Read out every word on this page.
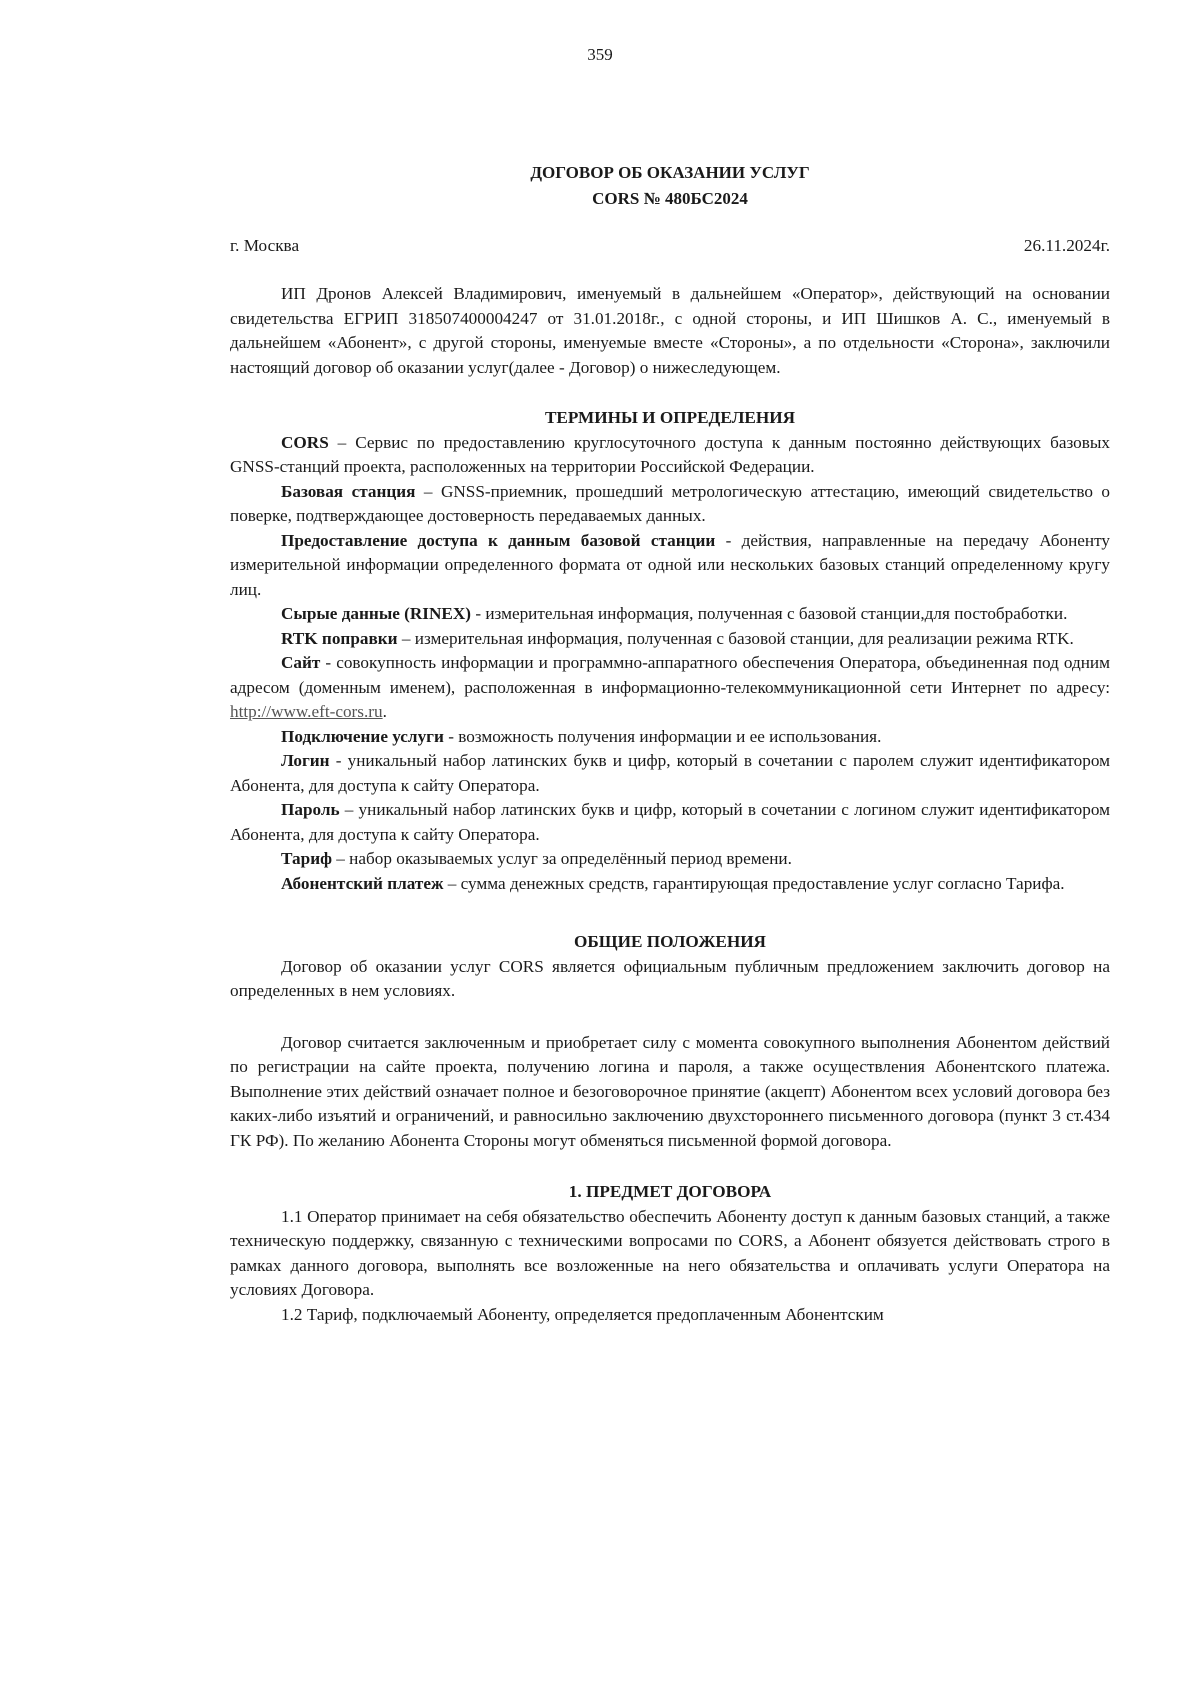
359
ДОГОВОР ОБ ОКАЗАНИИ УСЛУГ
CORS № 480БС2024
г. Москва	26.11.2024г.

ИП Дронов Алексей Владимирович, именуемый в дальнейшем «Оператор», действующий на основании свидетельства ЕГРИП 318507400004247 от 31.01.2018г., с одной стороны, и ИП Шишков А. С., именуемый в дальнейшем «Абонент», с другой стороны, именуемые вместе «Стороны», а по отдельности «Сторона», заключили настоящий договор об оказании услуг(далее - Договор) о нижеследующем.

ТЕРМИНЫ И ОПРЕДЕЛЕНИЯ

CORS – Сервис по предоставлению круглосуточного доступа к данным постоянно действующих базовых GNSS-станций проекта, расположенных на территории Российской Федерации.

Базовая станция – GNSS-приемник, прошедший метрологическую аттестацию, имеющий свидетельство о поверке, подтверждающее достоверность передаваемых данных.

Предоставление доступа к данным базовой станции - действия, направленные на передачу Абоненту измерительной информации определенного формата от одной или нескольких базовых станций определенному кругу лиц.

Сырые данные (RINEX) - измерительная информация, полученная с базовой станции,для постобработки.

RTK поправки – измерительная информация, полученная с базовой станции, для реализации режима RTK.

Сайт - совокупность информации и программно-аппаратного обеспечения Оператора, объединенная под одним адресом (доменным именем), расположенная в информационно-телекоммуникационной сети Интернет по адресу: http://www.eft-cors.ru.

Подключение услуги - возможность получения информации и ее использования.

Логин - уникальный набор латинских букв и цифр, который в сочетании с паролем служит идентификатором Абонента, для доступа к сайту Оператора.

Пароль – уникальный набор латинских букв и цифр, который в сочетании с логином служит идентификатором Абонента, для доступа к сайту Оператора.

Тариф – набор оказываемых услуг за определённый период времени.

Абонентский платеж – сумма денежных средств, гарантирующая предоставление услуг согласно Тарифа.

ОБЩИЕ ПОЛОЖЕНИЯ

Договор об оказании услуг CORS является официальным публичным предложением заключить договор на определенных в нем условиях.

Договор считается заключенным и приобретает силу с момента совокупного выполнения Абонентом действий по регистрации на сайте проекта, получению логина и пароля, а также осуществления Абонентского платежа. Выполнение этих действий означает полное и безоговорочное принятие (акцепт) Абонентом всех условий договора без каких-либо изъятий и ограничений, и равносильно заключению двухстороннего письменного договора (пункт 3 ст.434 ГК РФ). По желанию Абонента Стороны могут обменяться письменной формой договора.

1. ПРЕДМЕТ ДОГОВОРА

1.1 Оператор принимает на себя обязательство обеспечить Абоненту доступ к данным базовых станций, а также техническую поддержку, связанную с техническими вопросами по CORS, а Абонент обязуется действовать строго в рамках данного договора, выполнять все возложенные на него обязательства и оплачивать услуги Оператора на условиях Договора.

1.2 Тариф, подключаемый Абоненту, определяется предоплаченным Абонентским
